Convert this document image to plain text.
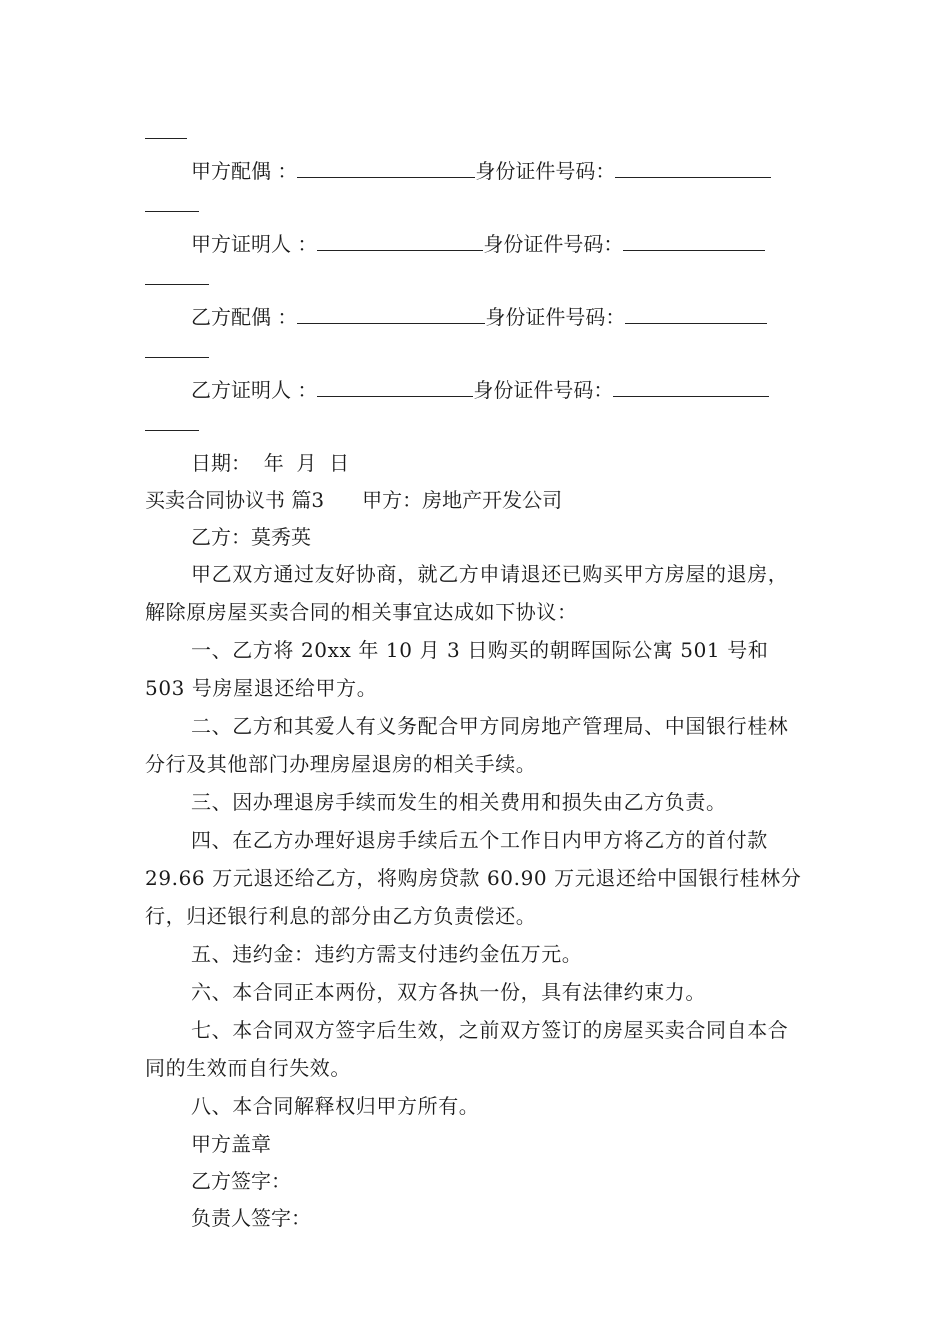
甲方配偶 ：	身份证件号码：
甲方证明人 ：	身份证件号码：
乙方配偶 ：	身份证件号码：
乙方证明人 ：	身份证件号码：
日期：  年  月  日
买卖合同协议书 篇3 甲方：房地产开发公司
乙方：莫秀英
甲乙双方通过友好协商，就乙方申请退还已购买甲方房屋的退房，解除原房屋买卖合同的相关事宜达成如下协议：
一、乙方将 20xx 年 10 月 3 日购买的朝晖国际公寓 501 号和 503 号房屋退还给甲方。
二、乙方和其爱人有义务配合甲方同房地产管理局、中国银行桂林分行及其他部门办理房屋退房的相关手续。
三、因办理退房手续而发生的相关费用和损失由乙方负责。
四、在乙方办理好退房手续后五个工作日内甲方将乙方的首付款 29.66 万元退还给乙方，将购房贷款 60.90 万元退还给中国银行桂林分行，归还银行利息的部分由乙方负责偿还。
五、违约金：违约方需支付违约金伍万元。
六、本合同正本两份，双方各执一份，具有法律约束力。
七、本合同双方签字后生效，之前双方签订的房屋买卖合同自本合同的生效而自行失效。
八、本合同解释权归甲方所有。
甲方盖章
乙方签字：
负责人签字：
